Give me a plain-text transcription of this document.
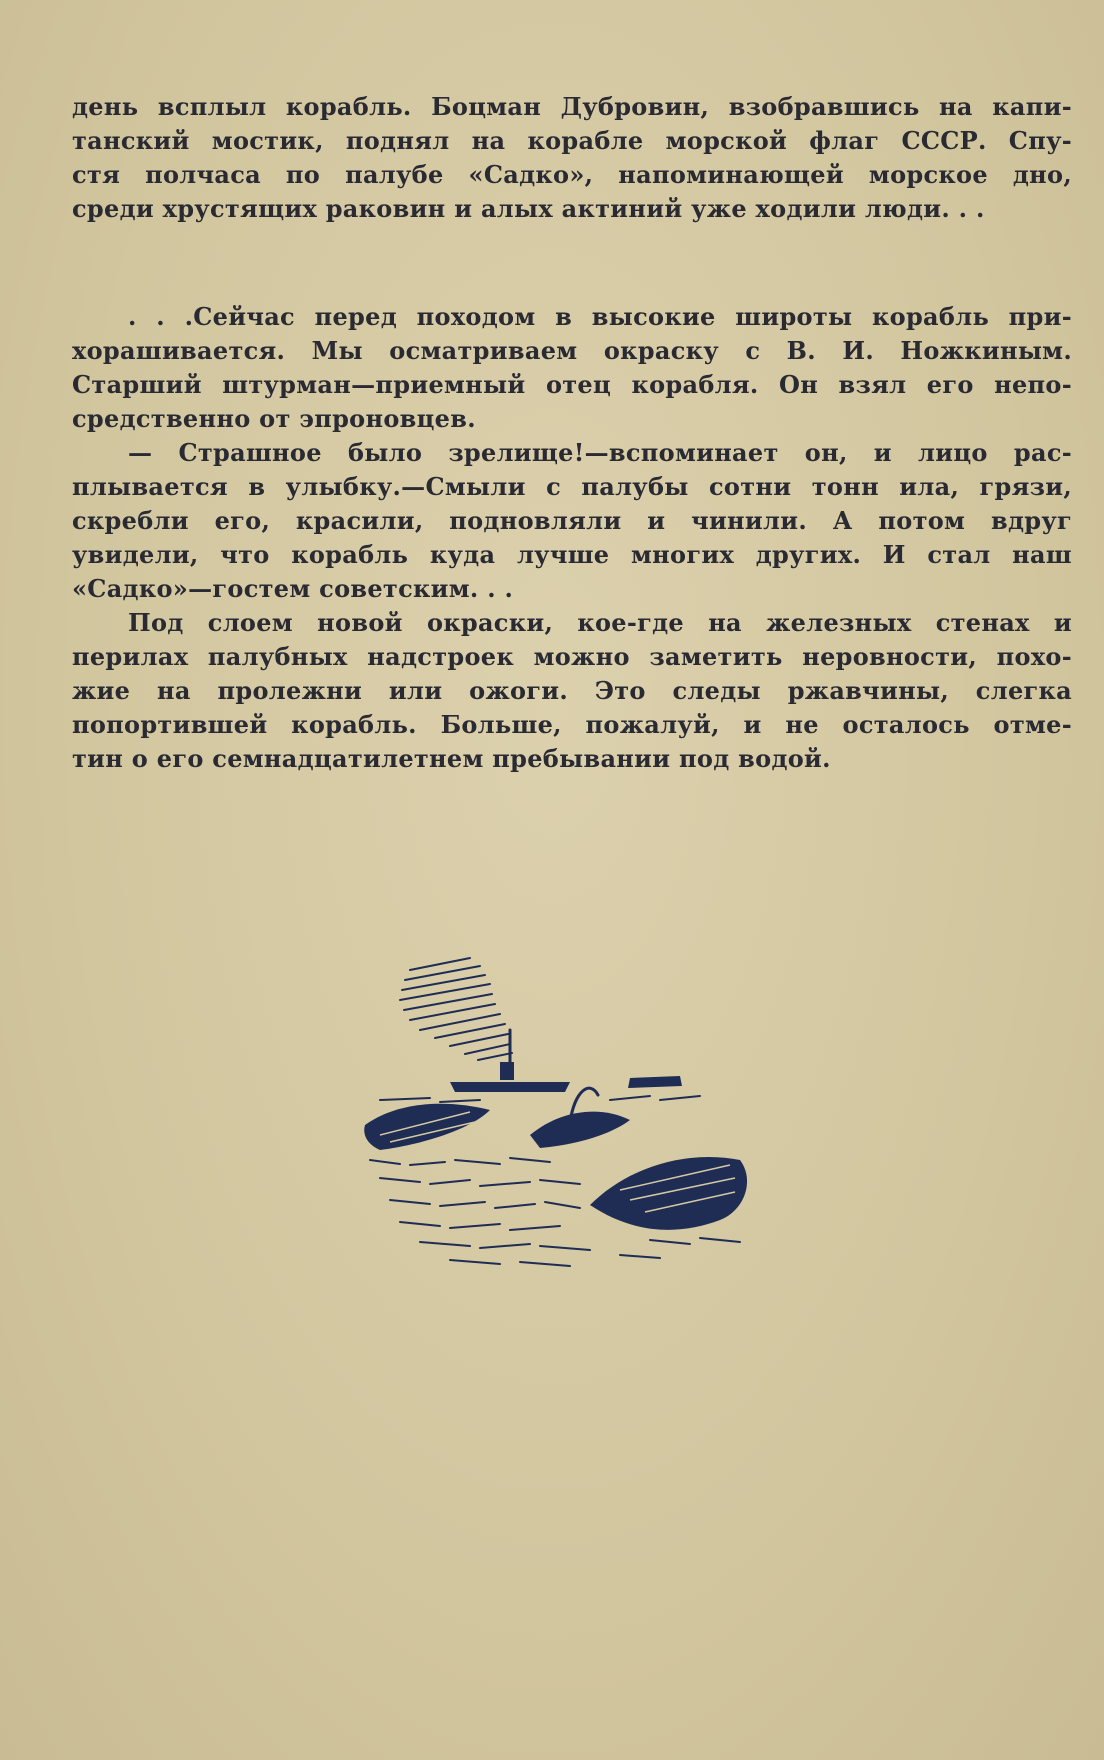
день всплыл корабль. Боцман Дубровин, взобравшись на капи-

танский мостик, поднял на корабле морской флаг СССР. Спу-

стя полчаса по палубе «Садко», напоминающей морское дно,

среди хрустящих раковин и алых актиний уже ходили люди. . .

. . .Сейчас перед походом в высокие широты корабль при-

хорашивается. Мы осматриваем окраску с В. И. Ножкиным.

Старший штурман—приемный отец корабля. Он взял его непо-

средственно от эпроновцев.

— Страшное было зрелище!—вспоминает он, и лицо рас-

плывается в улыбку.—Смыли с палубы сотни тонн ила, грязи,

скребли его, красили, подновляли и чинили. А потом вдруг

увидели, что корабль куда лучше многих других. И стал наш

«Садко»—гостем советским. . .

Под слоем новой окраски, кое-где на железных стенах и

перилах палубных надстроек можно заметить неровности, похо-

жие на пролежни или ожоги. Это следы ржавчины, слегка

попортившей корабль. Больше, пожалуй, и не осталось отме-

тин о его семнадцатилетнем пребывании под водой.
